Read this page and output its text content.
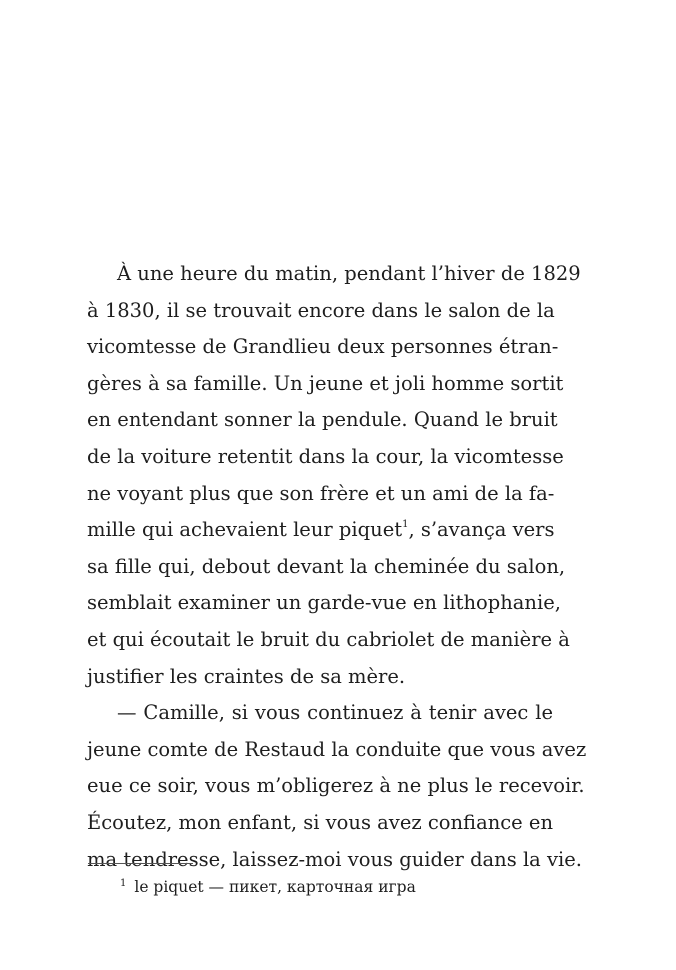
À une heure du matin, pendant l’hiver de 1829
à 1830, il se trouvait encore dans le salon de la
vicomtesse de Grandlieu deux personnes étran-
gères à sa famille. Un jeune et joli homme sortit
en entendant sonner la pendule. Quand le bruit
de la voiture retentit dans la cour, la vicomtesse
ne voyant plus que son frère et un ami de la fa-
mille qui achevaient leur piquet$^1$, s’avança vers
sa fille qui, debout devant la cheminée du salon,
semblait examiner un garde-vue en lithophanie,
et qui écoutait le bruit du cabriolet de manière à
justifier les craintes de sa mère.
— Camille, si vous continuez à tenir avec le
jeune comte de Restaud la conduite que vous avez
eue ce soir, vous m’obligerez à ne plus le recevoir.
Écoutez, mon enfant, si vous avez confiance en
ma tendresse, laissez-moi vous guider dans la vie.
$^1$ le piquet — пикет, карточная игра
